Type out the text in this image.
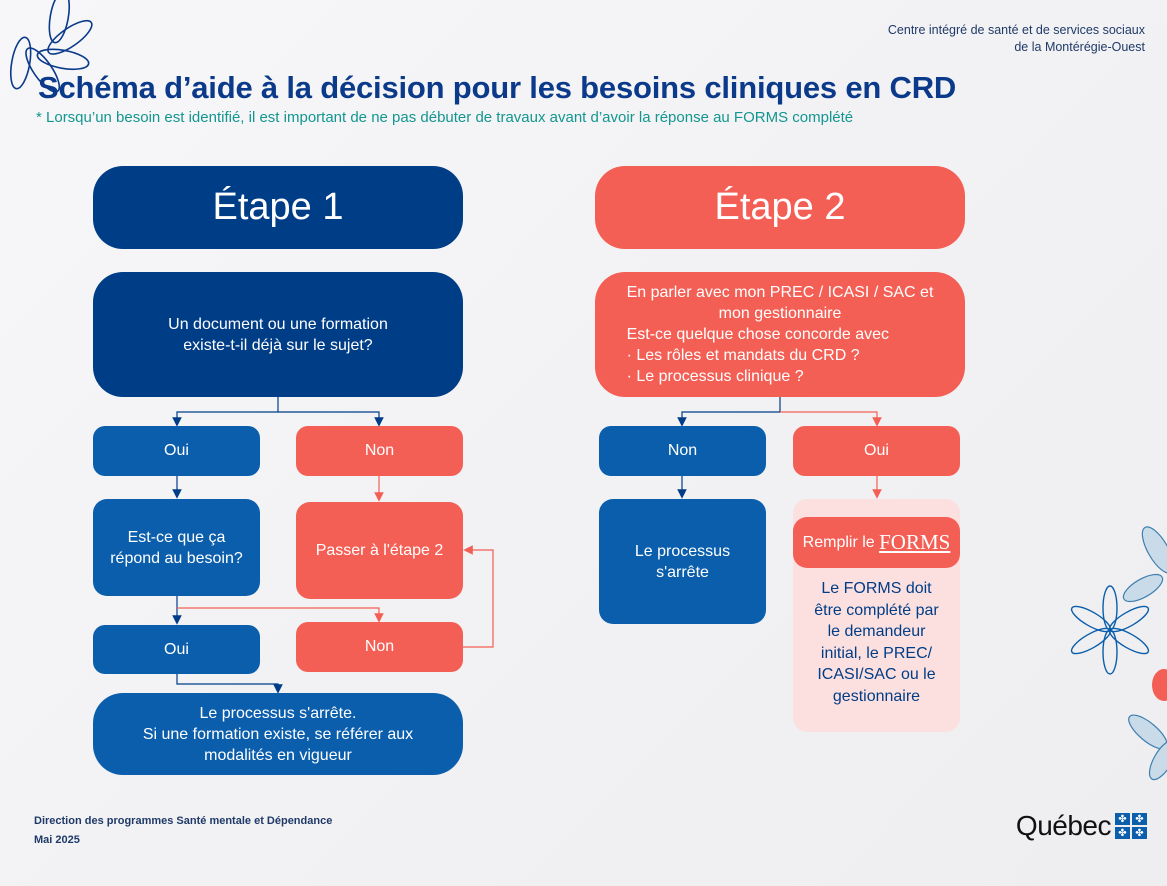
Centre intégré de santé et de services sociaux
de la Montérégie-Ouest
Schéma d’aide à la décision pour les besoins cliniques en CRD
* Lorsqu’un besoin est identifié, il est important de ne pas débuter de travaux avant d’avoir la réponse au FORMS complété
Étape 1
Un document ou une formation
existe-t-il déjà sur le sujet?
Oui	Non
Est-ce que ça
répond au besoin?	Passer à l'étape 2
Oui	Non
Le processus s'arrête.
Si une formation existe, se référer aux
modalités en vigueur
Étape 2
En parler avec mon PREC / ICASI / SAC et
mon gestionnaire
Est-ce quelque chose concorde avec
· Les rôles et mandats du CRD ?
· Le processus clinique ?
Non	Oui
Le processus
s'arrête
Remplir le FORMS
Le FORMS doit
être complété par
le demandeur
initial, le PREC/
ICASI/SAC ou le
gestionnaire
Direction des programmes Santé mentale et Dépendance
Mai 2025	Québec ✤ ✤
✤ ✤
